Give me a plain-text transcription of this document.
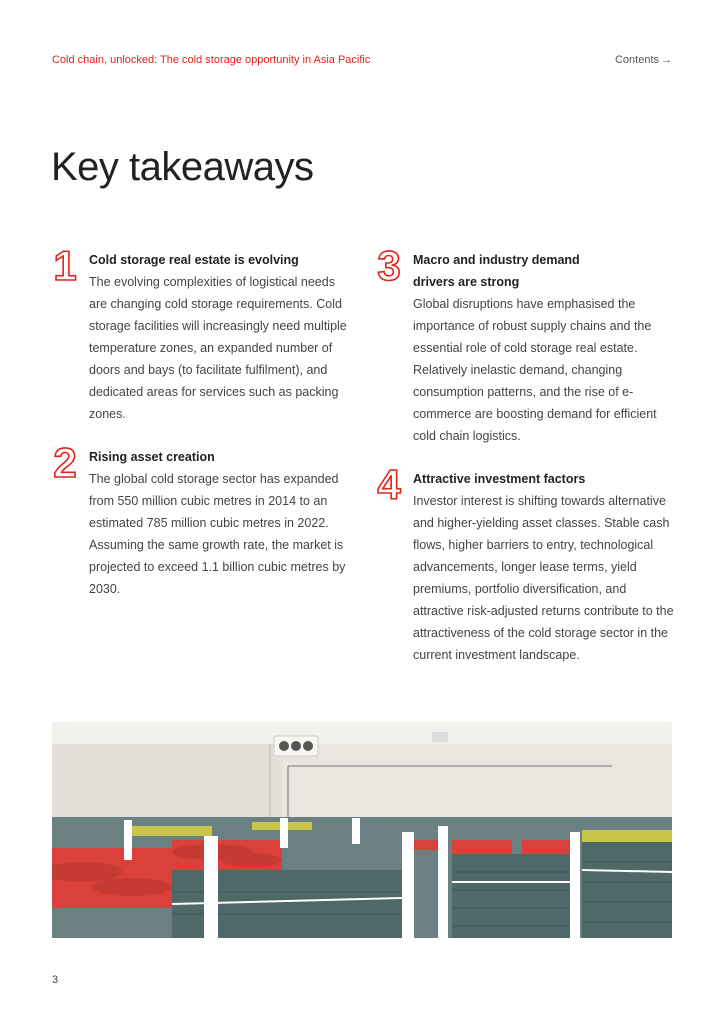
Cold chain, unlocked: The cold storage opportunity in Asia Pacific	Contents →
Key takeaways
1 Cold storage real estate is evolving

The evolving complexities of logistical needs are changing cold storage requirements. Cold storage facilities will increasingly need multiple temperature zones, an expanded number of doors and bays (to facilitate fulfilment), and dedicated areas for services such as packing zones.

2 Rising asset creation

The global cold storage sector has expanded from 550 million cubic metres in 2014 to an estimated 785 million cubic metres in 2022. Assuming the same growth rate, the market is projected to exceed 1.1 billion cubic metres by 2030.

3 Macro and industry demand drivers are strong

Global disruptions have emphasised the importance of robust supply chains and the essential role of cold storage real estate. Relatively inelastic demand, changing consumption patterns, and the rise of e-commerce are boosting demand for efficient cold chain logistics.

4 Attractive investment factors

Investor interest is shifting towards alternative and higher-yielding asset classes. Stable cash flows, higher barriers to entry, technological advancements, longer lease terms, yield premiums, portfolio diversification, and attractive risk-adjusted returns contribute to the attractiveness of the cold storage sector in the current investment landscape.

3
